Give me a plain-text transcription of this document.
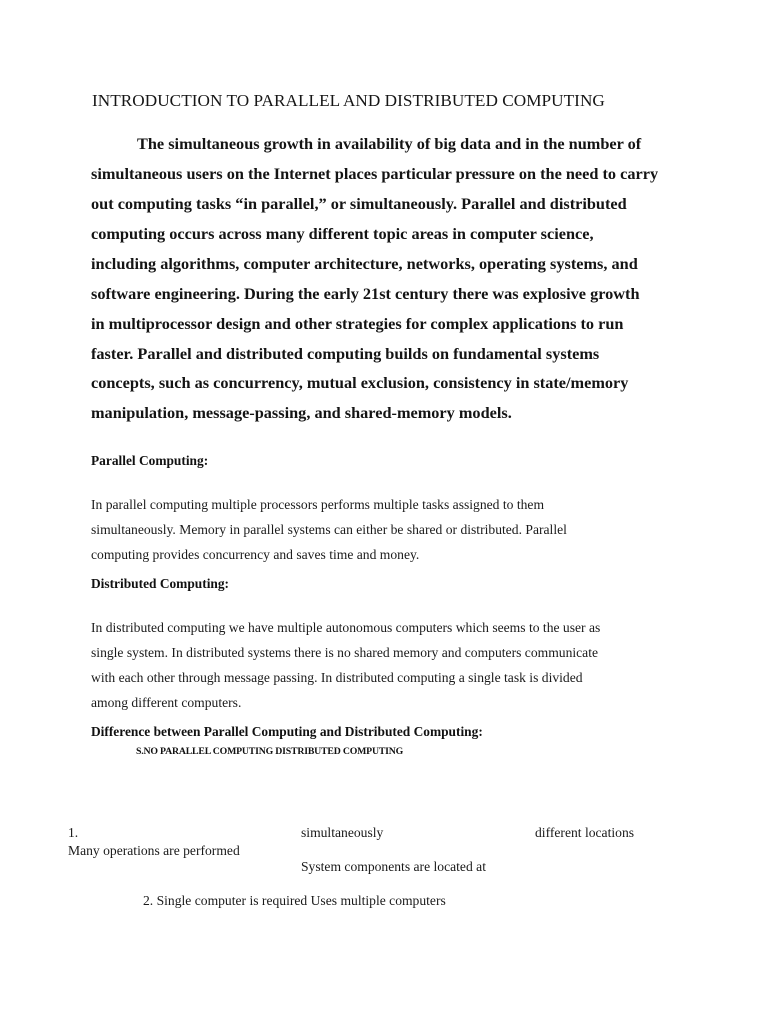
INTRODUCTION TO PARALLEL AND DISTRIBUTED COMPUTING
The simultaneous growth in availability of big data and in the number of
simultaneous users on the Internet places particular pressure on the need to carry
out computing tasks “in parallel,” or simultaneously. Parallel and distributed
computing occurs across many different topic areas in computer science,
including algorithms, computer architecture, networks, operating systems, and
software engineering. During the early 21st century there was explosive growth
in multiprocessor design and other strategies for complex applications to run
faster. Parallel and distributed computing builds on fundamental systems
concepts, such as concurrency, mutual exclusion, consistency in state/memory
manipulation, message-passing, and shared-memory models.
Parallel Computing:
In parallel computing multiple processors performs multiple tasks assigned to them
simultaneously. Memory in parallel systems can either be shared or distributed. Parallel
computing provides concurrency and saves time and money.
Distributed Computing:
In distributed computing we have multiple autonomous computers which seems to the user as
single system. In distributed systems there is no shared memory and computers communicate
with each other through message passing. In distributed computing a single task is divided
among different computers.
Difference between Parallel Computing and Distributed Computing:
S.NO PARALLEL COMPUTING DISTRIBUTED COMPUTING
1.
Many operations are performed
simultaneously
System components are located at
different locations
2. Single computer is required Uses multiple computers
